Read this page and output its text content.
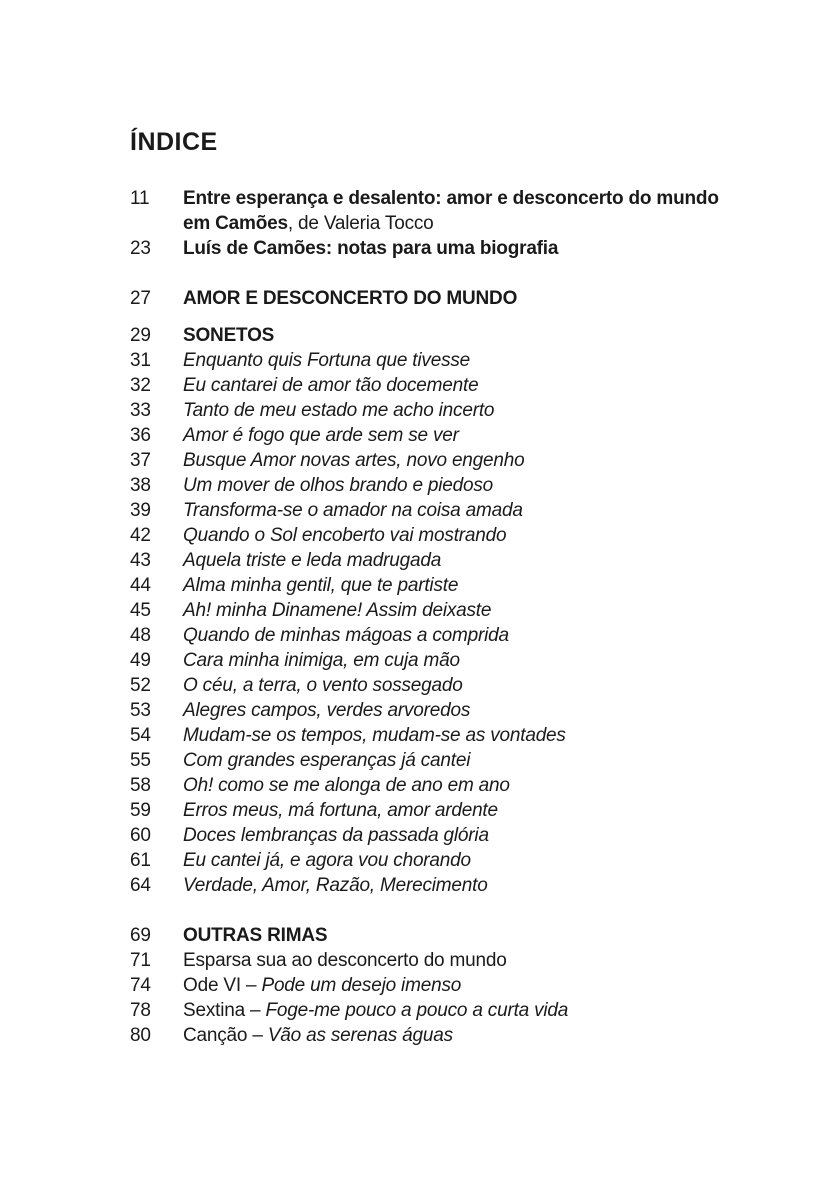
ÍNDICE
11	Entre esperança e desalento: amor e desconcerto do mundo
em Camões, de Valeria Tocco
23	Luís de Camões: notas para uma biografia
27	AMOR E DESCONCERTO DO MUNDO
29	SONETOS
31	Enquanto quis Fortuna que tivesse
32	Eu cantarei de amor tão docemente
33	Tanto de meu estado me acho incerto
36	Amor é fogo que arde sem se ver
37	Busque Amor novas artes, novo engenho
38	Um mover de olhos brando e piedoso
39	Transforma-se o amador na coisa amada
42	Quando o Sol encoberto vai mostrando
43	Aquela triste e leda madrugada
44	Alma minha gentil, que te partiste
45	Ah! minha Dinamene! Assim deixaste
48	Quando de minhas mágoas a comprida
49	Cara minha inimiga, em cuja mão
52	O céu, a terra, o vento sossegado
53	Alegres campos, verdes arvoredos
54	Mudam-se os tempos, mudam-se as vontades
55	Com grandes esperanças já cantei
58	Oh! como se me alonga de ano em ano
59	Erros meus, má fortuna, amor ardente
60	Doces lembranças da passada glória
61	Eu cantei já, e agora vou chorando
64	Verdade, Amor, Razão, Merecimento
69	OUTRAS RIMAS
71	Esparsa sua ao desconcerto do mundo
74	Ode VI – Pode um desejo imenso
78	Sextina – Foge-me pouco a pouco a curta vida
80	Canção – Vão as serenas águas
